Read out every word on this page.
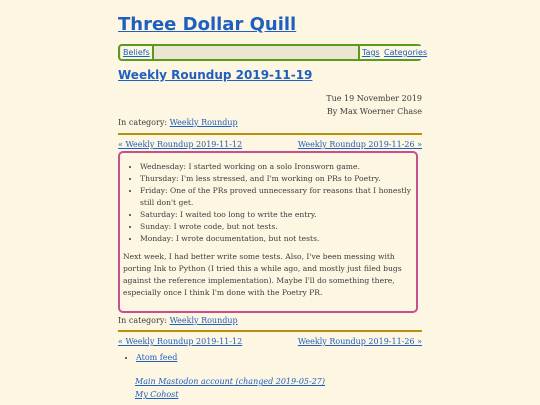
Three Dollar Quill
Beliefs	Tags Categories
Weekly Roundup 2019-11-19
Tue 19 November 2019
By Max Woerner Chase
In category: Weekly Roundup
« Weekly Roundup 2019-11-12	Weekly Roundup 2019-11-26 »
• Wednesday: I started working on a solo Ironsworn game.
• Thursday: I'm less stressed, and I'm working on PRs to Poetry.
• Friday: One of the PRs proved unnecessary for reasons that I honestly still don't get.
• Saturday: I waited too long to write the entry.
• Sunday: I wrote code, but not tests.
• Monday: I wrote documentation, but not tests.

Next week, I had better write some tests. Also, I've been messing with porting Ink to Python (I tried this a while ago, and mostly just filed bugs against the reference implementation). Maybe I'll do something there, especially once I think I'm done with the Poetry PR.

In category: Weekly Roundup
« Weekly Roundup 2019-11-12	Weekly Roundup 2019-11-26 »
• Atom feed
Main Mastodon account (changed 2019-05-27)
My Cohost
